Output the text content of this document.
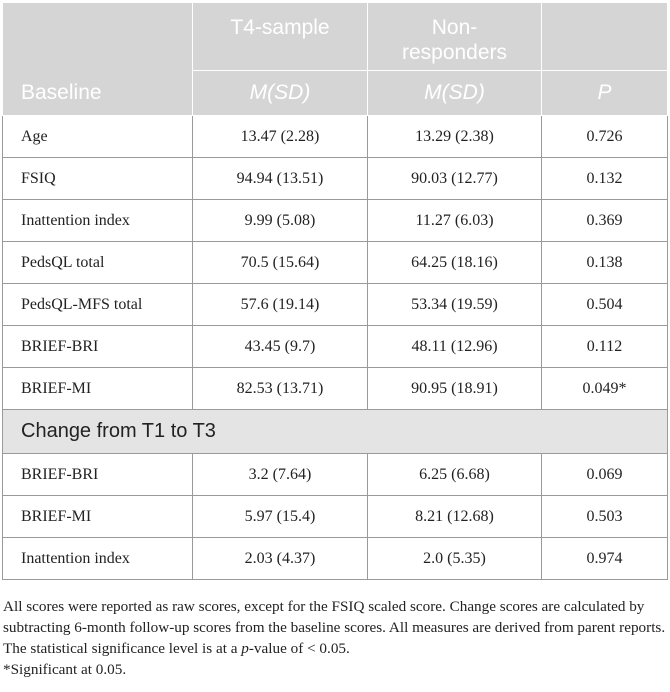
Baseline	T4-sample	Non-
responders	
	M(SD)	M(SD)	P
Age	13.47 (2.28)	13.29 (2.38)	0.726
FSIQ	94.94 (13.51)	90.03 (12.77)	0.132
Inattention index	9.99 (5.08)	11.27 (6.03)	0.369
PedsQL total	70.5 (15.64)	64.25 (18.16)	0.138
PedsQL-MFS total	57.6 (19.14)	53.34 (19.59)	0.504
BRIEF-BRI	43.45 (9.7)	48.11 (12.96)	0.112
BRIEF-MI	82.53 (13.71)	90.95 (18.91)	0.049*
Change from T1 to T3			
BRIEF-BRI	3.2 (7.64)	6.25 (6.68)	0.069
BRIEF-MI	5.97 (15.4)	8.21 (12.68)	0.503
Inattention index	2.03 (4.37)	2.0 (5.35)	0.974

All scores were reported as raw scores, except for the FSIQ scaled score. Change scores are calculated by subtracting 6-month follow-up scores from the baseline scores. All measures are derived from parent reports. The statistical significance level is at a p-value of < 0.05.

*Significant at 0.05.
